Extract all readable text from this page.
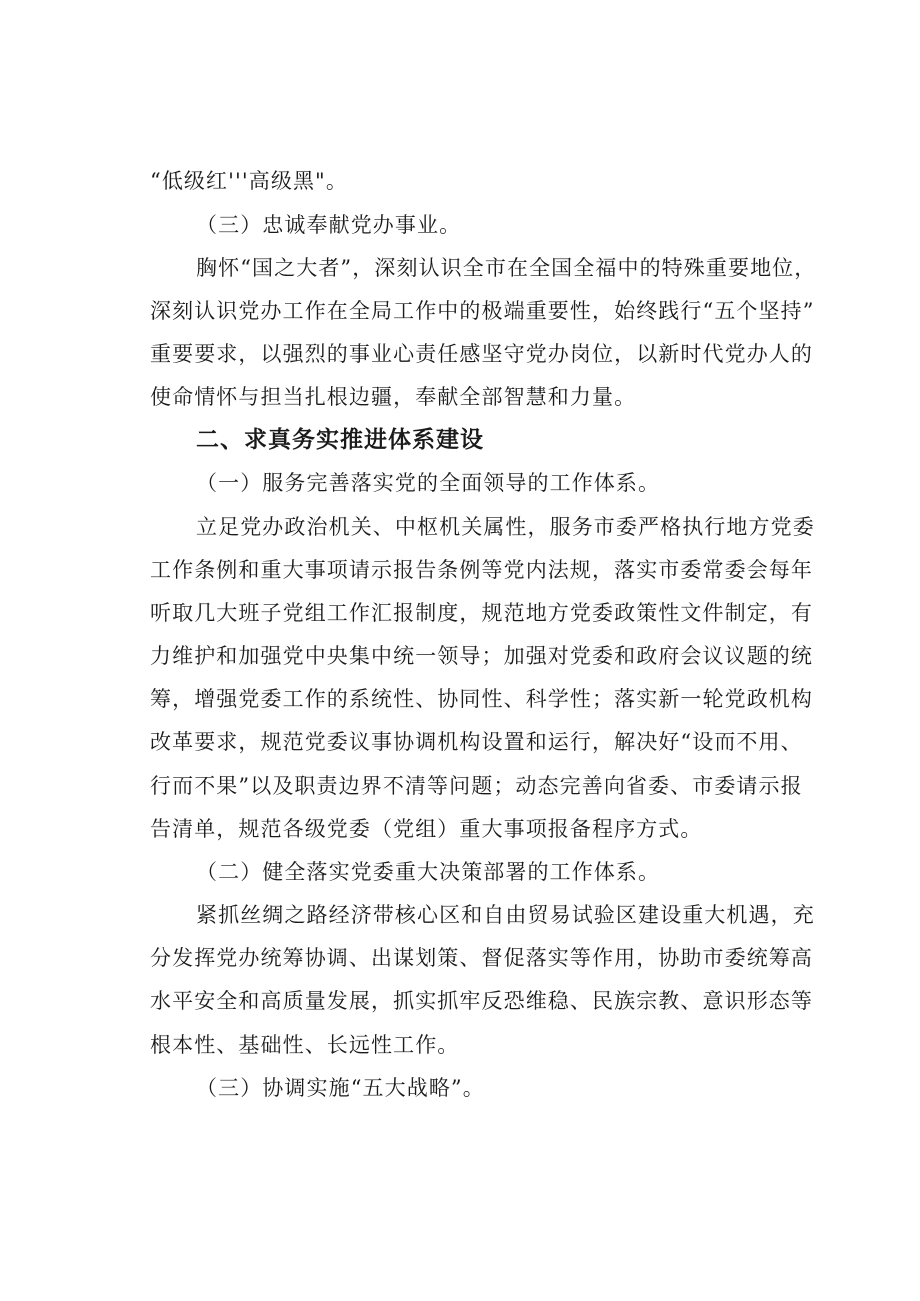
“低级红'''高级黑"。
（三）忠诚奉献党办事业。
胸怀“国之大者”，深刻认识全市在全国全福中的特殊重要地位，
深刻认识党办工作在全局工作中的极端重要性，始终践行“五个坚持”
重要要求，以强烈的事业心责任感坚守党办岗位，以新时代党办人的
使命情怀与担当扎根边疆，奉献全部智慧和力量。
二、求真务实推进体系建设
（一）服务完善落实党的全面领导的工作体系。
立足党办政治机关、中枢机关属性，服务市委严格执行地方党委
工作条例和重大事项请示报告条例等党内法规，落实市委常委会每年
听取几大班子党组工作汇报制度，规范地方党委政策性文件制定，有
力维护和加强党中央集中统一领导；加强对党委和政府会议议题的统
筹，增强党委工作的系统性、协同性、科学性；落实新一轮党政机构
改革要求，规范党委议事协调机构设置和运行，解决好“设而不用、
行而不果”以及职责边界不清等问题；动态完善向省委、市委请示报
告清单，规范各级党委（党组）重大事项报备程序方式。
（二）健全落实党委重大决策部署的工作体系。
紧抓丝绸之路经济带核心区和自由贸易试验区建设重大机遇，充
分发挥党办统筹协调、出谋划策、督促落实等作用，协助市委统筹高
水平安全和高质量发展，抓实抓牢反恐维稳、民族宗教、意识形态等
根本性、基础性、长远性工作。
（三）协调实施“五大战略”。
